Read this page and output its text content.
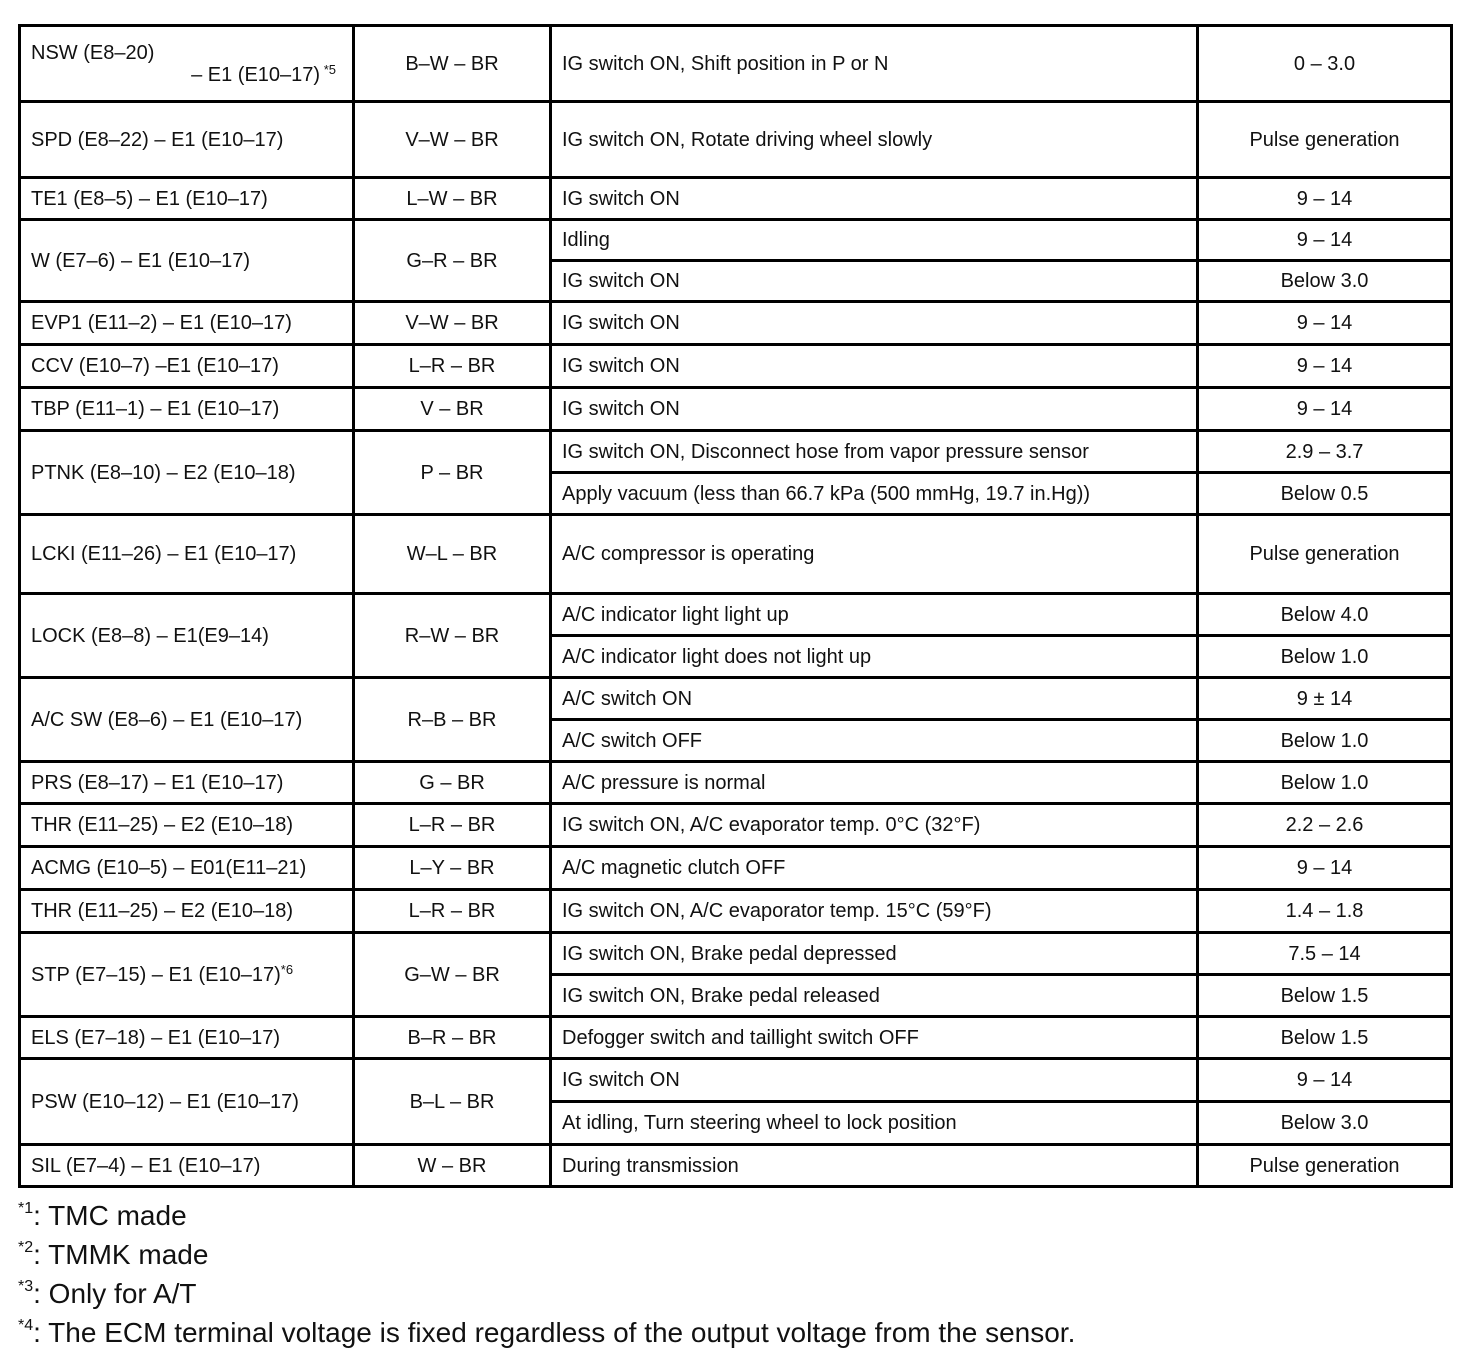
NSW (E8–20)
– E1 (E10–17) $^{*5}$	B–W – BR	IG switch ON, Shift position in P or N	0 – 3.0
SPD (E8–22) – E1 (E10–17)	V–W – BR	IG switch ON, Rotate driving wheel slowly	Pulse generation
TE1 (E8–5) – E1 (E10–17)	L–W – BR	IG switch ON	9 – 14
W (E7–6) – E1 (E10–17)	G–R – BR	Idling	9 – 14
		IG switch ON	Below 3.0
EVP1 (E11–2) – E1 (E10–17)	V–W – BR	IG switch ON	9 – 14
CCV (E10–7) –E1 (E10–17)	L–R – BR	IG switch ON	9 – 14
TBP (E11–1) – E1 (E10–17)	V – BR	IG switch ON	9 – 14
PTNK (E8–10) – E2 (E10–18)	P – BR	IG switch ON, Disconnect hose from vapor pressure sensor	2.9 – 3.7
		Apply vacuum (less than 66.7 kPa (500 mmHg, 19.7 in.Hg))	Below 0.5
LCKI (E11–26) – E1 (E10–17)	W–L – BR	A/C compressor is operating	Pulse generation
LOCK (E8–8) – E1(E9–14)	R–W – BR	A/C indicator light light up	Below 4.0
		A/C indicator light does not light up	Below 1.0
A/C SW (E8–6) – E1 (E10–17)	R–B – BR	A/C switch ON	9 ± 14
		A/C switch OFF	Below 1.0
PRS (E8–17) – E1 (E10–17)	G – BR	A/C pressure is normal	Below 1.0
THR (E11–25) – E2 (E10–18)	L–R – BR	IG switch ON, A/C evaporator temp. 0°C (32°F)	2.2 – 2.6
ACMG (E10–5) – E01(E11–21)	L–Y – BR	A/C magnetic clutch OFF	9 – 14
THR (E11–25) – E2 (E10–18)	L–R – BR	IG switch ON, A/C evaporator temp. 15°C (59°F)	1.4 – 1.8
STP (E7–15) – E1 $(E10-17)^{*6}$	G–W – BR	IG switch ON, Brake pedal depressed	7.5 – 14
		IG switch ON, Brake pedal released	Below 1.5
ELS (E7–18) – E1 (E10–17)	B–R – BR	Defogger switch and taillight switch OFF	Below 1.5
PSW (E10–12) – E1 (E10–17)	B–L – BR	IG switch ON	9 – 14
		At idling, Turn steering wheel to lock position	Below 3.0
SIL (E7–4) – E1 (E10–17)	W – BR	During transmission	Pulse generation
$^{*1}$: TMC made
$^{*2}$: TMMK made
$^{*3}$: Only for A/T
$^{*4}$: The ECM terminal voltage is fixed regardless of the output voltage from the sensor.
